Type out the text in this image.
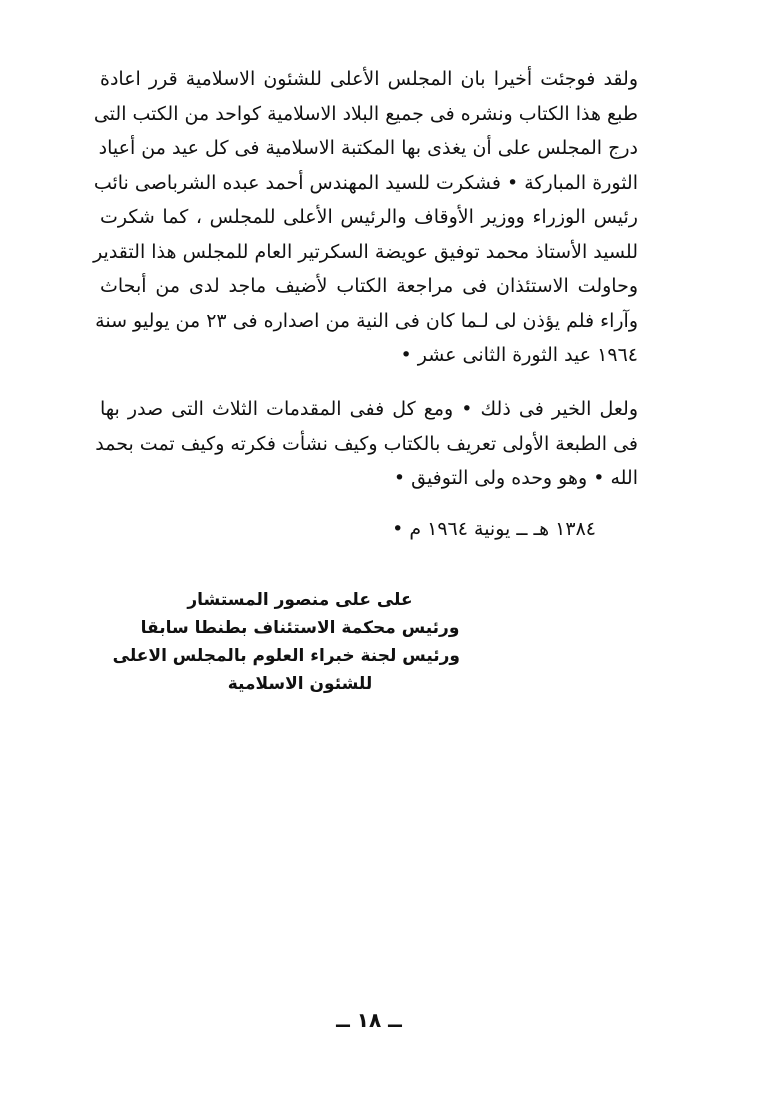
ولقد فوجئت أخيرا بان المجلس الأعلى للشئون الاسلامية قرر اعادة
طبع هذا الكتاب ونشره فى جميع البلاد الاسلامية كواحد من الكتب التى
درج المجلس على أن يغذى بها المكتبة الاسلامية فى كل عيد من أعياد
الثورة المباركة • فشكرت للسيد المهندس أحمد عبده الشرباصى نائب
رئيس الوزراء ووزير الأوقاف والرئيس الأعلى للمجلس ، كما شكرت
للسيد الأستاذ محمد توفيق عويضة السكرتير العام للمجلس هذا التقدير
وحاولت الاستئذان فى مراجعة الكتاب لأضيف ماجد لدى من أبحاث
وآراء فلم يؤذن لى لـما كان فى النية من اصداره فى ٢٣ من يوليو سنة
١٩٦٤ عيد الثورة الثانى عشر •
ولعل الخير فى ذلك • ومع كل ففى المقدمات الثلاث التى صدر بها
فى الطبعة الأولى تعريف بالكتاب وكيف نشأت فكرته وكيف تمت بحمد
الله • وهو وحده ولى التوفيق •
١٣٨٤ هـ ــ يونية ١٩٦٤ م •
على على منصور المستشار
ورئيس محكمة الاستئناف بطنطا سابقا
ورئيس لجنة خبراء العلوم بالمجلس الاعلى
للشئون الاسلامية
ــ ١٨ ــ
